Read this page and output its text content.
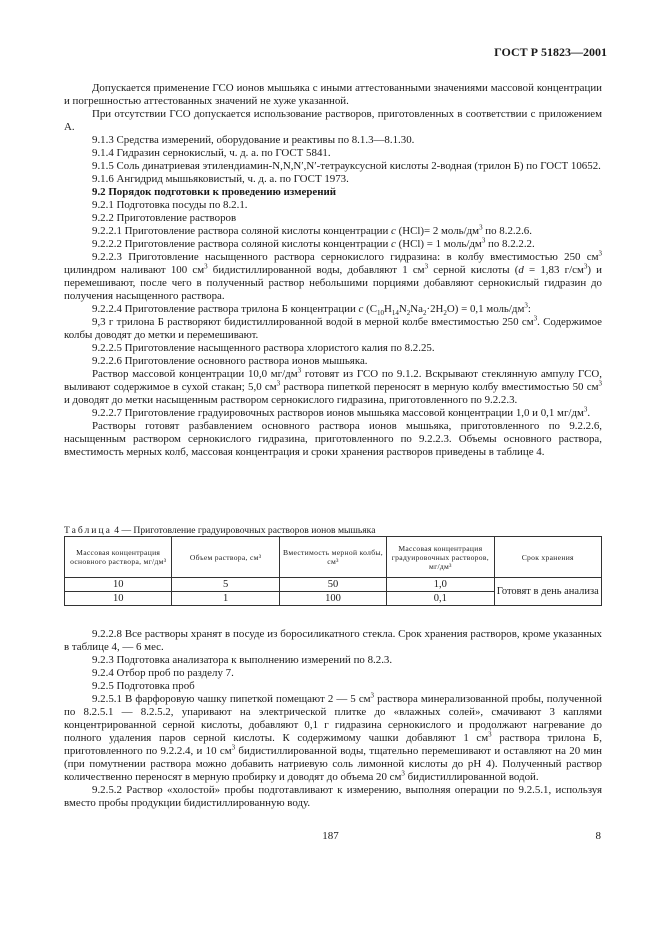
ГОСТ Р 51823—2001

Допускается применение ГСО ионов мышьяка с иными аттестованными значениями массовой концентрации и погрешностью аттестованных значений не хуже указанной.

При отсутствии ГСО допускается использование растворов, приготовленных в соответствии с приложением А.

9.1.3 Средства измерений, оборудование и реактивы по 8.1.3—8.1.30.

9.1.4 Гидразин сернокислый, ч. д. а. по ГОСТ 5841.

9.1.5 Соль динатриевая этилендиамин-N,N,N′,N′-тетрауксусной кислоты 2-водная (трилон Б) по ГОСТ 10652.

9.1.6 Ангидрид мышьяковистый, ч. д. а. по ГОСТ 1973.

9.2 Порядок подготовки к проведению измерений

9.2.1 Подготовка посуды по 8.2.1.

9.2.2 Приготовление растворов

9.2.2.1 Приготовление раствора соляной кислоты концентрации c (HCl)= 2 моль/$дм^3$ по 8.2.2.6.

9.2.2.2 Приготовление раствора соляной кислоты концентрации c (HCl) = 1 моль/$дм^3$ по 8.2.2.2.

9.2.2.3 Приготовление насыщенного раствора сернокислого гидразина: в колбу вместимостью 250 $см^3$ цилиндром наливают 100 $см^3$ бидистиллированной воды, добавляют 1 $см^3$ серной кислоты (d = 1,83 $г/см^3$) и перемешивают, после чего в полученный раствор небольшими порциями добавляют сернокислый гидразин до получения насыщенного раствора.

9.2.2.4 Приготовление раствора трилона Б концентрации c $(C_{10}H_{14}N_2Na_2\cdot 2H_2O) = 0,1$ моль/$дм^3$:

9,3 г трилона Б растворяют бидистиллированной водой в мерной колбе вместимостью 250 $см^3$. Содержимое колбы доводят до метки и перемешивают.

9.2.2.5 Приготовление насыщенного раствора хлористого калия по 8.2.25.

9.2.2.6 Приготовление основного раствора ионов мышьяка.

Раствор массовой концентрации 10,0 $мг/дм^3$ готовят из ГСО по 9.1.2. Вскрывают стеклянную ампулу ГСО, выливают содержимое в сухой стакан; 5,0 $см^3$ раствора пипеткой переносят в мерную колбу вместимостью 50 $см^3$ и доводят до метки насыщенным раствором сернокислого гидразина, приготовленного по 9.2.2.3.

9.2.2.7 Приготовление градуировочных растворов ионов мышьяка массовой концентрации 1,0 и 0,1 $мг/дм^3$.

Растворы готовят разбавлением основного раствора ионов мышьяка, приготовленного по 9.2.2.6, насыщенным раствором сернокислого гидразина, приготовленного по 9.2.2.3. Объемы основного раствора, вместимость мерных колб, массовая концентрация и сроки хранения растворов приведены в таблице 4.

Таблица 4 — Приготовление градуировочных растворов ионов мышьяка
Массовая концентрация основного раствора, мг/дм³	Объем раствора, см³	Вместимость мерной колбы, см³	Массовая концентрация градуировочных растворов, мг/дм³	Срок хранения
10	5	50	1,0	Готовят в день анализа
10	1	100	0,1	

9.2.2.8 Все растворы хранят в посуде из боросиликатного стекла. Срок хранения растворов, кроме указанных в таблице 4, — 6 мес.

9.2.3 Подготовка анализатора к выполнению измерений по 8.2.3.

9.2.4 Отбор проб по разделу 7.

9.2.5 Подготовка проб

9.2.5.1 В фарфоровую чашку пипеткой помещают 2 — 5 $см^3$ раствора минерализованной пробы, полученной по 8.2.5.1 — 8.2.5.2, упаривают на электрической плитке до «влажных солей», смачивают 3 каплями концентрированной серной кислоты, добавляют 0,1 г гидразина сернокислого и продолжают нагревание до полного удаления паров серной кислоты. К содержимому чашки добавляют 1 $см^3$ раствора трилона Б, приготовленного по 9.2.2.4, и 10 $см^3$ бидистиллированной воды, тщательно перемешивают и оставляют на 20 мин (при помутнении раствора можно добавить натриевую соль лимонной кислоты до pH 4). Полученный раствор количественно переносят в мерную пробирку и доводят до объема 20 $см^3$ бидистиллированной водой.

9.2.5.2 Раствор «холостой» пробы подготавливают к измерению, выполняя операции по 9.2.5.1, используя вместо пробы продукции бидистиллированную воду.

187	8
